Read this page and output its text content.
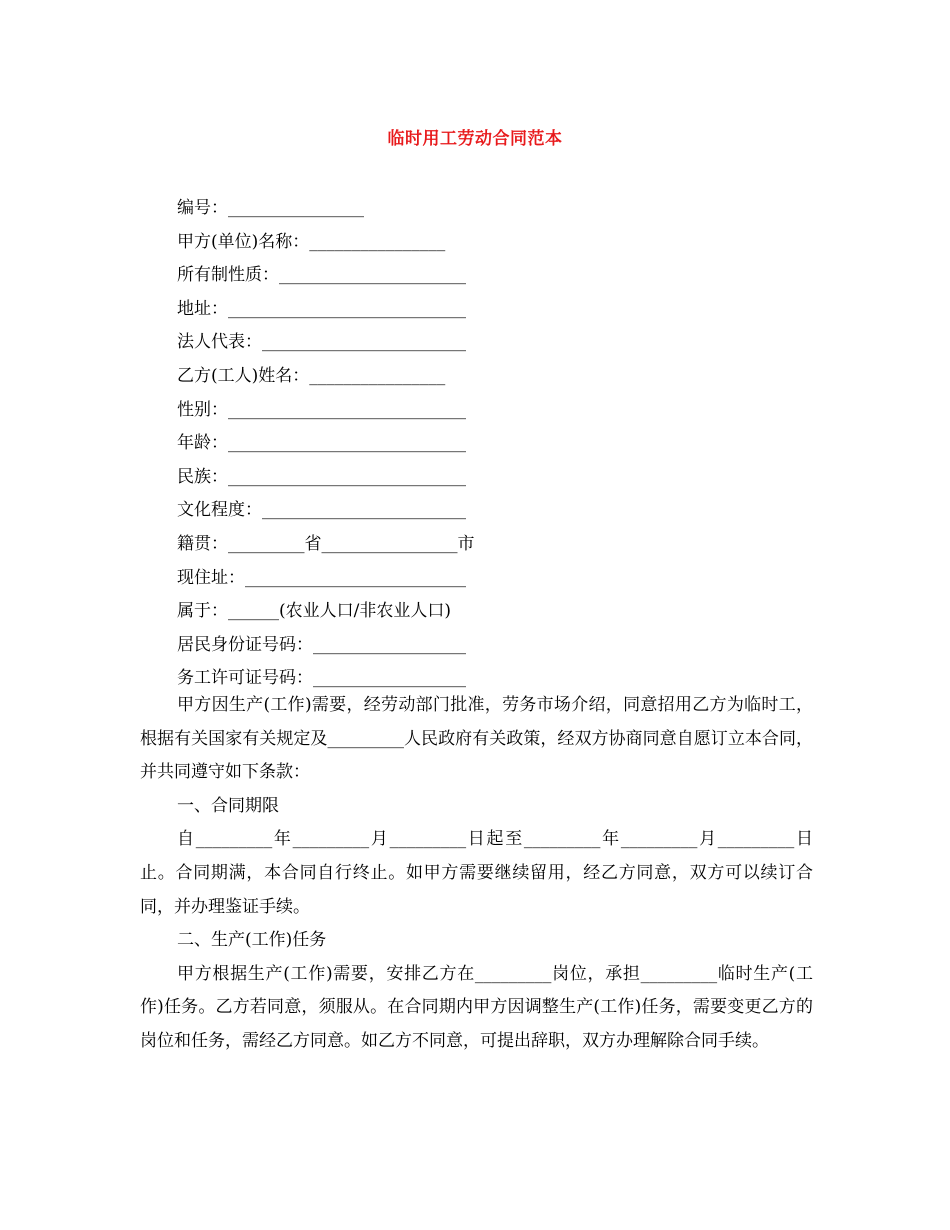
临时用工劳动合同范本
编号：________________
甲方(单位)名称：________________
所有制性质：______________________
地址：____________________________
法人代表：________________________
乙方(工人)姓名：________________
性别：____________________________
年龄：____________________________
民族：____________________________
文化程度：________________________
籍贯：_________省________________市
现住址：__________________________
属于：______(农业人口/非农业人口)
居民身份证号码：__________________
务工许可证号码：__________________

甲方因生产(工作)需要，经劳动部门批准，劳务市场介绍，同意招用乙方为临时工，根据有关国家有关规定及_________人民政府有关政策，经双方协商同意自愿订立本合同，并共同遵守如下条款：

一、合同期限

自_________年_________月_________日起至_________年_________月_________日止。合同期满，本合同自行终止。如甲方需要继续留用，经乙方同意，双方可以续订合同，并办理鉴证手续。

二、生产(工作)任务

甲方根据生产(工作)需要，安排乙方在_________岗位，承担_________临时生产(工作)任务。乙方若同意，须服从。在合同期内甲方因调整生产(工作)任务，需要变更乙方的岗位和任务，需经乙方同意。如乙方不同意，可提出辞职，双方办理解除合同手续。
